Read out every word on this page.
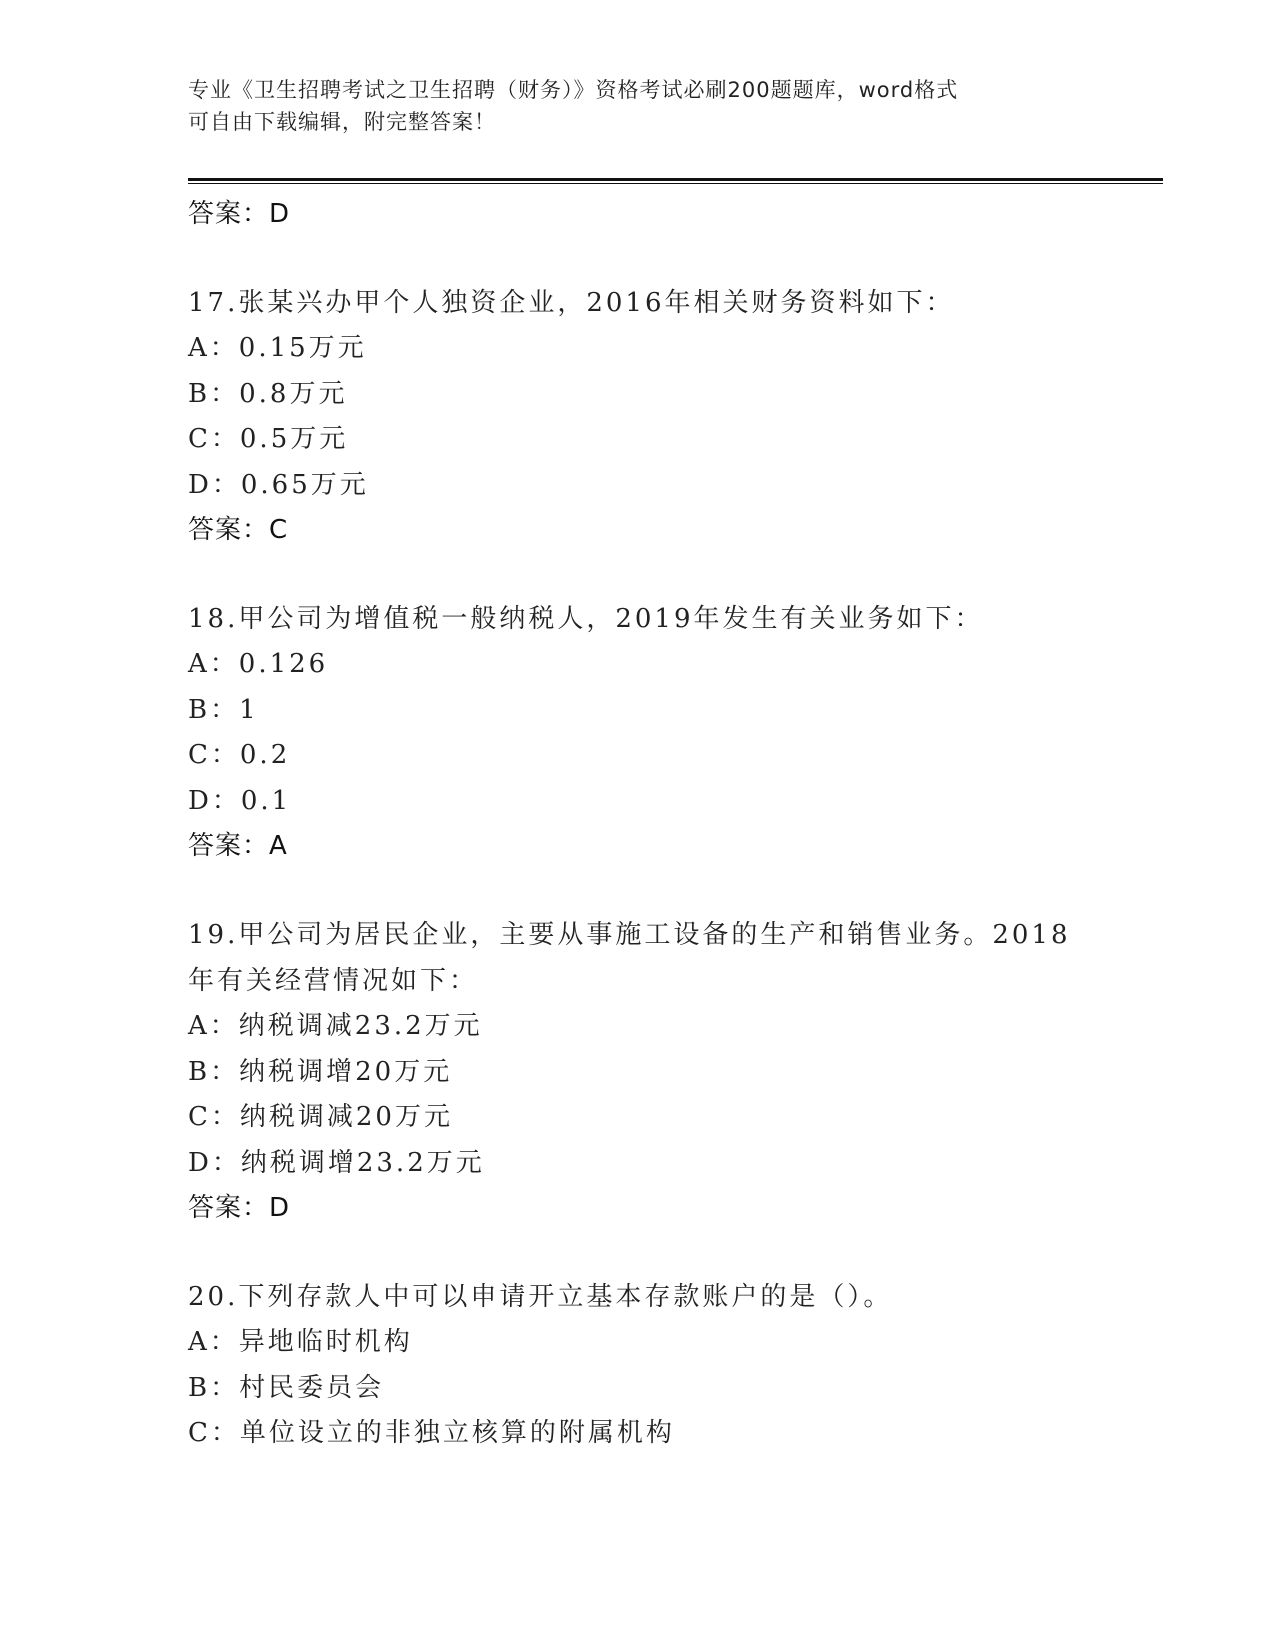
专业《卫生招聘考试之卫生招聘（财务）》资格考试必刷200题题库，word格式
可自由下载编辑，附完整答案！
答案：D
17.张某兴办甲个人独资企业，2016年相关财务资料如下：
A：0.15万元
B：0.8万元
C：0.5万元
D：0.65万元
答案：C
18.甲公司为增值税一般纳税人，2019年发生有关业务如下：
A：0.126
B：1
C：0.2
D：0.1
答案：A
19.甲公司为居民企业，主要从事施工设备的生产和销售业务。2018年有关经营情况如下：
A：纳税调减23.2万元
B：纳税调增20万元
C：纳税调减20万元
D：纳税调增23.2万元
答案：D
20.下列存款人中可以申请开立基本存款账户的是（）。
A：异地临时机构
B：村民委员会
C：单位设立的非独立核算的附属机构
